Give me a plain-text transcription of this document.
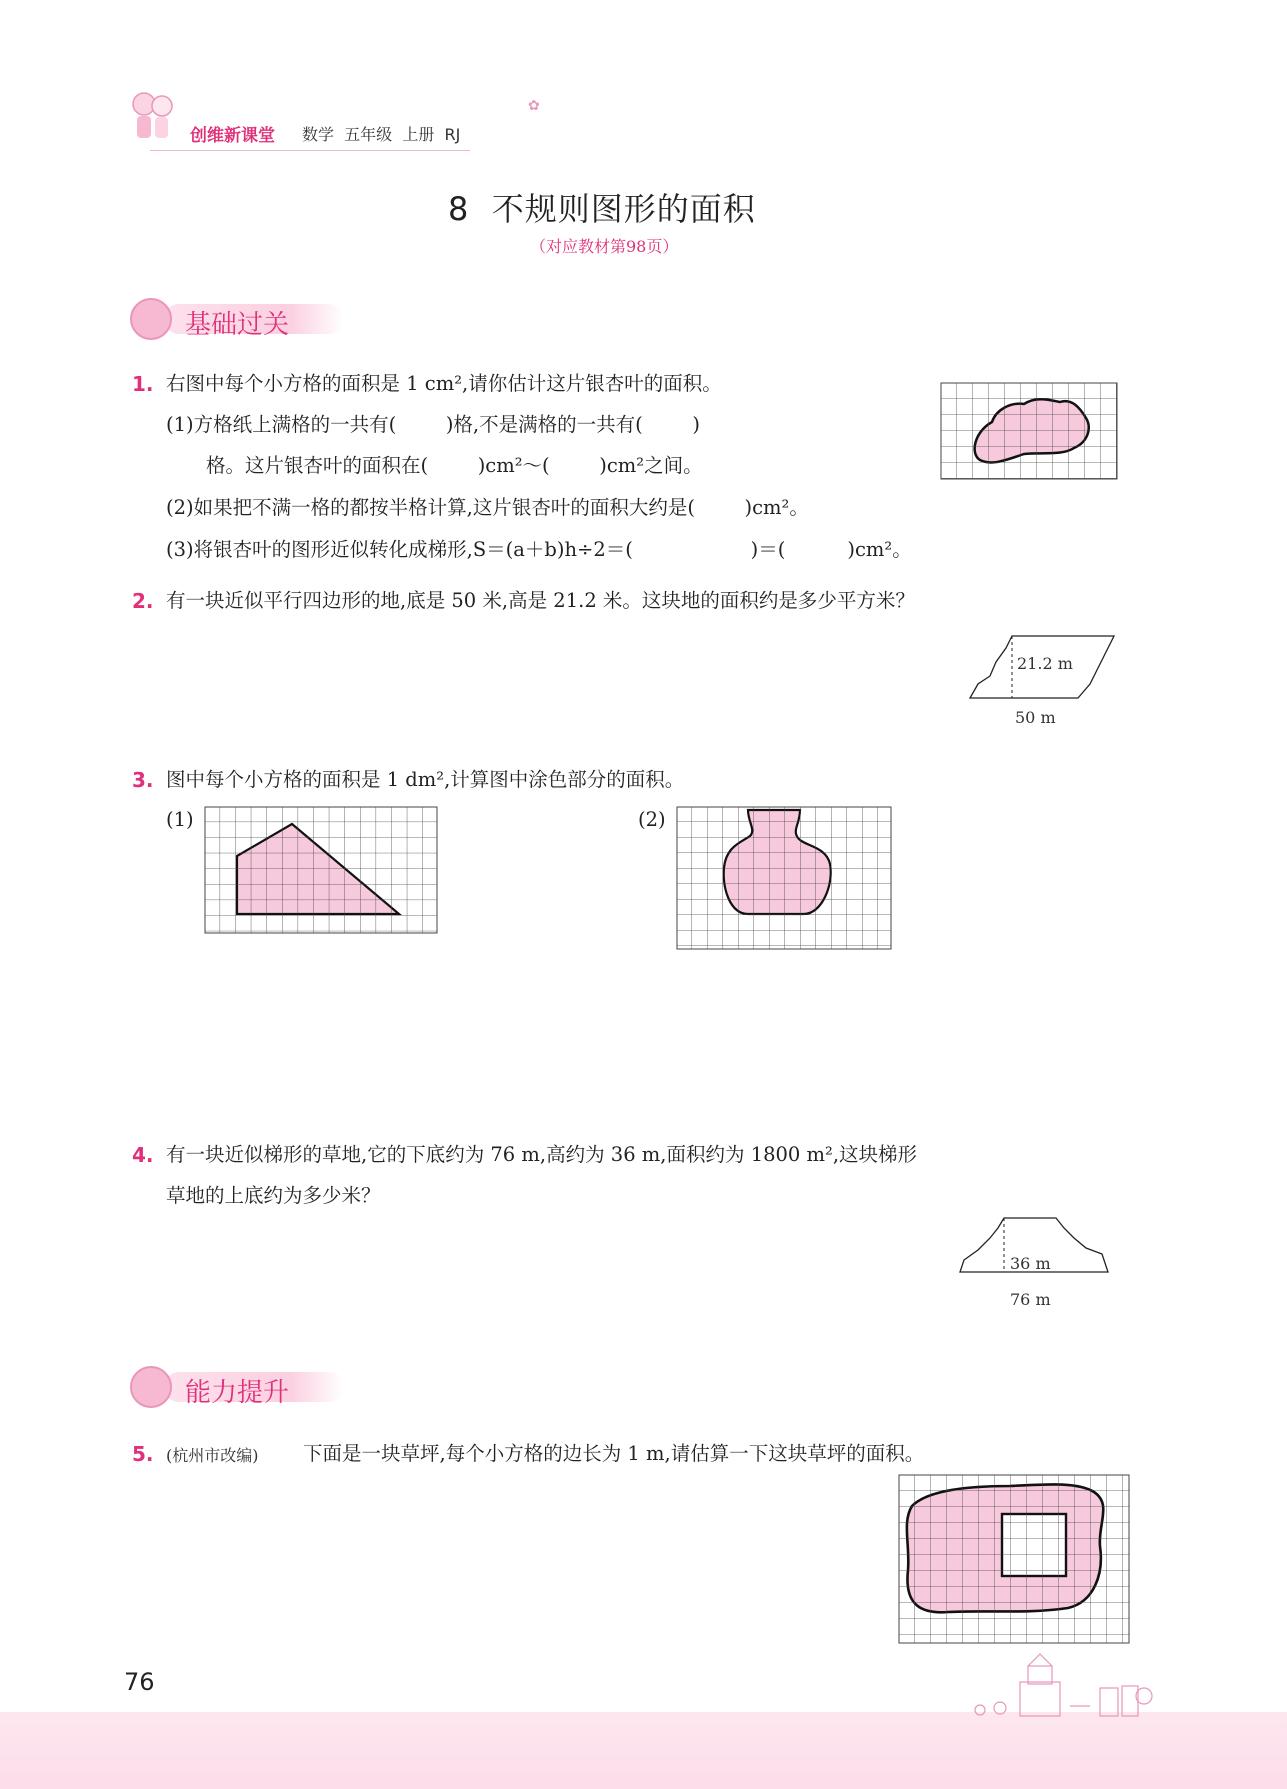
创维新课堂 数学  五年级  上册  RJ
✿
8  不规则图形的面积
（对应教材第98页）
基础过关
1. 右图中每个小方格的面积是 1 cm²,请你估计这片银杏叶的面积。
(1)方格纸上满格的一共有(        )格,不是满格的一共有(        )
格。这片银杏叶的面积在(        )cm²～(        )cm²之间。
(2)如果把不满一格的都按半格计算,这片银杏叶的面积大约是(        )cm²。
(3)将银杏叶的图形近似转化成梯形,S＝(a＋b)h÷2＝(                   )＝(          )cm²。
2. 有一块近似平行四边形的地,底是 50 米,高是 21.2 米。这块地的面积约是多少平方米？
21.2 m
50 m
3. 图中每个小方格的面积是 1 dm²,计算图中涂色部分的面积。
(1)	(2)
4. 有一块近似梯形的草地,它的下底约为 76 m,高约为 36 m,面积约为 1800 m²,这块梯形
草地的上底约为多少米？
36 m
76 m
能力提升
5. (杭州市改编) 下面是一块草坪,每个小方格的边长为 1 m,请估算一下这块草坪的面积。
76
